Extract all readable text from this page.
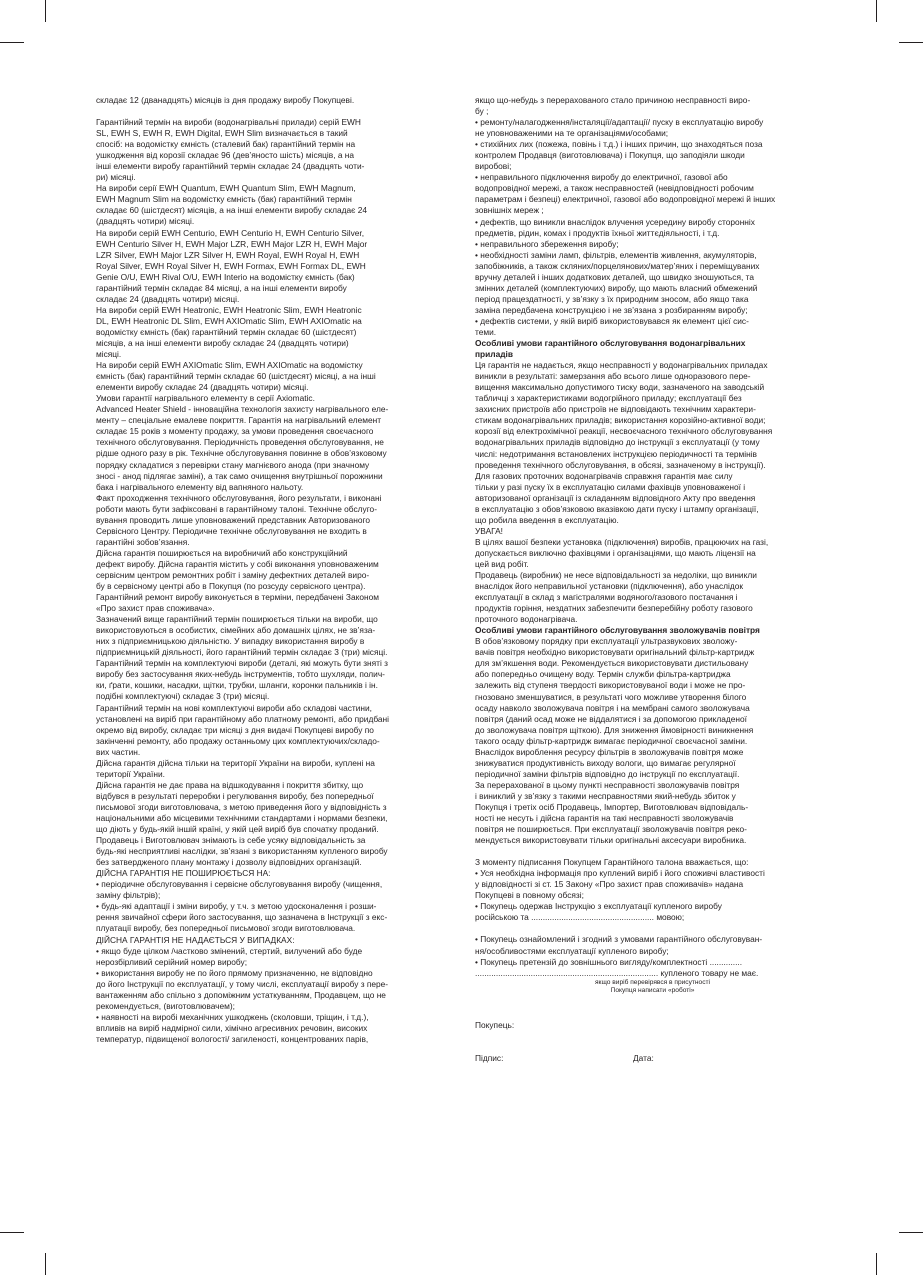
складає 12 (дванадцять) місяців із дня продажу виробу Покупцеві.

Гарантійний термін на вироби (водонагрівальні прилади) серій EWH
SL, EWH S, EWH R, EWH Digital, EWH Slim визначається в такий
спосіб: на водомістку ємність (сталевий бак) гарантійний термін на
ушкодження від корозії складає 96 (дев’яносто шість) місяців, а на
інші елементи виробу гарантійний термін складає 24 (двадцять чоти-
ри) місяці.

На вироби серії EWH Quantum, EWH Quantum Slim, EWH Magnum,
EWH Magnum Slim на водомістку ємність (бак) гарантійний термін
складає 60 (шістдесят) місяців, а на інші елементи виробу складає 24
(двадцять чотири) місяці.

На вироби серій EWH Centurio, EWH Centurio H, EWH Centurio Silver,
EWH Centurio Silver H, EWH Major LZR, EWH Major LZR H, EWH Major
LZR Silver, EWH Major LZR Silver H, EWH Royal, EWH Royal H, EWH
Royal Silver, EWH Royal Silver H, EWH Formax, EWH Formax DL, EWH
Genie O/U, EWH Rival O/U, EWH Interio на водомістку ємність (бак)
гарантійний термін складає 84 місяці, а на інші елементи виробу
складає 24 (двадцять чотири) місяці.

На вироби серій EWH Heatronic, EWH Heatronic Slim, EWH Heatronic
DL, EWH Heatronic DL Slim, EWH AXIOmatic Slim, EWH AXIOmatic на
водомістку ємність (бак) гарантійний термін складає 60 (шістдесят)
місяців, а на інші елементи виробу складає 24 (двадцять чотири)
місяці.

На вироби серій EWH AXIOmatic Slim, EWH AXIOmatic на водомістку
ємність (бак) гарантійний термін складає 60 (шістдесят) місяці, а на інші
елементи виробу складає 24 (двадцять чотири) місяці.

Умови гарантії нагрівального елементу в серії Axiomatic.

Advanced Heater Shield - інноваційна технологія захисту нагрівального еле-
менту – спеціальне емалеве покриття. Гарантія на нагрівальний елемент
складає 15 років з моменту продажу, за умови проведення своєчасного
технічного обслуговування. Періодичність проведення обслуговування, не
рідше одного разу в рік. Технічне обслуговування повинне в обов’язковому
порядку складатися з перевірки стану магнієвого анода (при значному
зносі - анод підлягає заміні), а так само очищення внутрішньої порожнини
бака і нагрівального елементу від вапняного нальоту.

Факт проходження технічного обслуговування, його результати, і виконані
роботи мають бути зафіксовані в гарантійному талоні. Технічне обслуго-
вування проводить лише уповноважений представник Авторизованого
Сервісного Центру. Періодичне технічне обслуговування не входить в
гарантійні зобов’язання.

Дійсна гарантія поширюється на виробничий або конструкційний
дефект виробу. Дійсна гарантія містить у собі виконання уповноваженим
сервісним центром ремонтних робіт і заміну дефектних деталей виро-
бу в сервісному центрі або в Покупця (по розсуду сервісного центра).
Гарантійний ремонт виробу виконується в терміни, передбачені Законом
«Про захист прав споживача».

Зазначений вище гарантійний термін поширюється тільки на вироби, що
використовуються в особистих, сімейних або домашніх цілях, не зв’яза-
них з підприємницькою діяльністю. У випадку використання виробу в
підприємницькій діяльності, його гарантійний термін складає 3 (три) місяці.
Гарантійний термін на комплектуючі вироби (деталі, які можуть бути зняті з
виробу без застосування яких-небудь інструментів, тобто шухляди, полич-
ки, ґрати, кошики, насадки, щітки, трубки, шланги, коронки пальників і ін.
подібні комплектуючі) складає 3 (три) місяці.

Гарантійний термін на нові комплектуючі вироби або складові частини,
установлені на виріб при гарантійному або платному ремонті, або придбані
окремо від виробу, складає три місяці з дня видачі Покупцеві виробу по
закінченні ремонту, або продажу останньому цих комплектуючих/складо-
вих частин.

Дійсна гарантія дійсна тільки на території України на вироби, куплені на
території України.

Дійсна гарантія не дає права на відшкодування і покриття збитку, що
відбувся в результаті переробки і регулювання виробу, без попередньої
письмової згоди виготовлювача, з метою приведення його у відповідність з
національними або місцевими технічними стандартами і нормами безпеки,
що діють у будь-якій іншій країні, у якій цей виріб був спочатку проданий.

Продавець і Виготовлювач знімають із себе усяку відповідальність за
будь-які несприятливі наслідки, зв’язані з використанням купленого виробу
без затвердженого плану монтажу і дозволу відповідних організацій.

ДІЙСНА ГАРАНТІЯ НЕ ПОШИРЮЄТЬСЯ НА:

• періодичне обслуговування і сервісне обслуговування виробу (чищення,
заміну фільтрів);

• будь-які адаптації і зміни виробу, у т.ч. з метою удосконалення і розши-
рення звичайної сфери його застосування, що зазначена в Інструкції з екс-
плуатації виробу, без попередньої письмової згоди виготовлювача.

ДІЙСНА ГАРАНТІЯ НЕ НАДАЄТЬСЯ У ВИПАДКАХ:

• якщо буде цілком /частково змінений, стертий, вилучений або буде
нерозбірливий серійний номер виробу;

• використання виробу не по його прямому призначенню, не відповідно
до його Інструкції по експлуатації, у тому числі, експлуатації виробу з пере-
вантаженням або спільно з допоміжним устаткуванням, Продавцем, що не
рекомендується, (виготовлювачем);

• наявності на виробі механічних ушкоджень (сколовши, тріщин, і т.д.),
впливів на виріб надмірної сили, хімічно агресивних речовин, високих
температур, підвищеної вологості/ загиленості, концентрованих парів,

якщо що-небудь з перерахованого стало причиною несправності виро-
бу ;

• ремонту/налагодження/інсталяції/адаптації/ пуску в експлуатацію виробу
не уповноваженими на те організаціями/особами;

• стихійних лих (пожежа, повінь і т.д.) і інших причин, що знаходяться поза
контролем Продавця (виготовлювача) і Покупця, що заподіяли шкоди
виробові;

• неправильного підключення виробу до електричної, газової або
водопровідної мережі, а також несправностей (невідповідності робочим
параметрам і безпеці) електричної, газової або водопровідної мережі й інших
зовнішніх мереж ;

• дефектів, що виникли внаслідок влучення усередину виробу сторонніх
предметів, рідин, комах і продуктів їхньої життєдіяльності, і т.д.

• неправильного збереження виробу;

• необхідності заміни ламп, фільтрів, елементів живлення, акумуляторів,
запобіжників, а також скляних/порцелянових/матер’яних і переміщуваних
вручну деталей і інших додаткових деталей, що швидко зношуються, та
змінних деталей (комплектуючих) виробу, що мають власний обмежений
період працездатності, у зв’язку з їх природним зносом, або якщо така
заміна передбачена конструкцією і не зв’язана з розбиранням виробу;

• дефектів системи, у якій виріб використовувався як елемент цієї сис-
теми.

Особливі умови гарантійного обслуговування водонагрівальних
приладів

Ця гарантія не надається, якщо несправності у водонагрівальних приладах
виникли в результаті: замерзання або всього лише одноразового пере-
вищення максимально допустимого тиску води, зазначеного на заводській
табличці з характеристиками водогрійного приладу; експлуатації без
захисних пристроїв або пристроїв не відповідають технічним характери-
стикам водонагрівальних приладів; використання корозійно-активної води;
корозії від електрохімічної реакції, несвоєчасного технічного обслуговування
водонагрівальних приладів відповідно до інструкції з експлуатації (у тому
числі: недотримання встановлених інструкцією періодичності та термінів
проведення технічного обслуговування, в обсязі, зазначеному в інструкції).

Для газових проточних водонагрівачів справжня гарантія має силу
тільки у разі пуску їх в експлуатацію силами фахівців уповноваженої і
авторизованої організації із складанням відповідного Акту про введення
в експлуатацію з обов’язковою вказівкою дати пуску і штампу організації,
що робила введення в експлуатацію.

УВАГА!

В цілях вашої безпеки установка (підключення) виробів, працюючих на газі,
допускається виключно фахівцями і організаціями, що мають ліцензії на
цей вид робіт.

Продавець (виробник) не несе відповідальності за недоліки, що виникли
внаслідок його неправильної установки (підключення), або унаслідок
експлуатації в склад з магістралями водяного/газового постачання і
продуктів горіння, нездатних забезпечити безперебійну роботу газового
проточного водонагрівача.

Особливі умови гарантійного обслуговування зволожувачів повітря

В обов’язковому порядку при експлуатації ультразвукових зволожу-
вачів повітря необхідно використовувати оригінальний фільтр-картридж
для зм’якшення води. Рекомендується використовувати дистильовану
або попередньо очищену воду. Термін служби фільтра-картриджа
залежить від ступеня твердості використовуваної води і може не про-
гнозовано зменшуватися, в результаті чого можливе утворення білого
осаду навколо зволожувача повітря і на мембрані самого зволожувача
повітря (даний осад може не віддалятися і за допомогою прикладеної
до зволожувача повітря щіткою). Для зниження ймовірності виникнення
такого осаду фільтр-картридж вимагає періодичної своєчасної заміни.
Внаслідок вироблення ресурсу фільтрів в зволожувачів повітря може
знижуватися продуктивність виходу вологи, що вимагає регулярної
періодичної заміни фільтрів відповідно до інструкції по експлуатації.

За перерахованої в цьому пункті несправності зволожувачів повітря
і виниклий у зв’язку з такими несправностями який-небудь збиток у
Покупця і третіх осіб Продавець, Імпортер, Виготовлювач відповідаль-
ності не несуть і дійсна гарантія на такі несправності зволожувачів
повітря не поширюється. При експлуатації зволожувачів повітря реко-
мендується використовувати тільки оригінальні аксесуари виробника.

З моменту підписання Покупцем Гарантійного талона вважається, що:

• Уся необхідна інформація про куплений виріб і його споживчі властивості
у відповідності зі ст. 15 Закону «Про захист прав споживачів» надана
Покупцеві в повному обсязі;

• Покупець одержав Інструкцію з експлуатації купленого виробу
російською та ..................................................... мовою;

• Покупець ознайомлений і згодний з умовами гарантійного обслуговуван-
ня/особливостями експлуатації купленого виробу;

• Покупець претензій до зовнішнього вигляду/комплектності ..............
............................................................................... купленого товару не має.

якщо виріб перевірявся в присутності

Покупця написати «роботі»

Покупець:

Підпис:	Дата:
